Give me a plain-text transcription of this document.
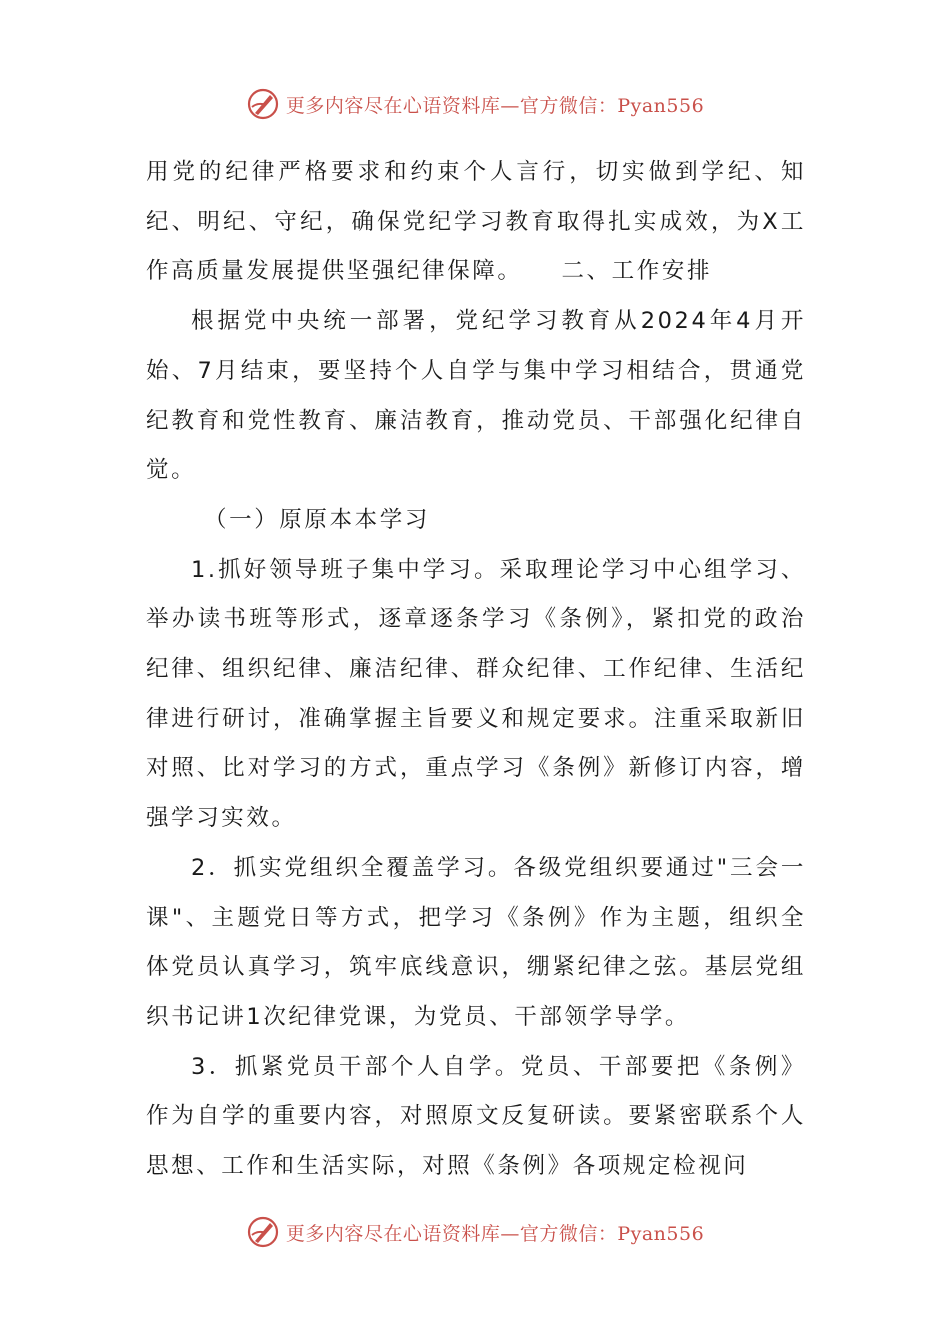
更多内容尽在心语资料库—官方微信：Pyan556

用党的纪律严格要求和约束个人言行，切实做到学纪、知纪、明纪、守纪，确保党纪学习教育取得扎实成效，为X工作高质量发展提供坚强纪律保障。　　二、工作安排

根据党中央统一部署，党纪学习教育从2024年4月开始、7月结束，要坚持个人自学与集中学习相结合，贯通党纪教育和党性教育、廉洁教育，推动党员、干部强化纪律自觉。

（一）原原本本学习

1.抓好领导班子集中学习。采取理论学习中心组学习、举办读书班等形式，逐章逐条学习《条例》，紧扣党的政治纪律、组织纪律、廉洁纪律、群众纪律、工作纪律、生活纪律进行研讨，准确掌握主旨要义和规定要求。注重采取新旧对照、比对学习的方式，重点学习《条例》新修订内容，增强学习实效。

2．抓实党组织全覆盖学习。各级党组织要通过"三会一课"、主题党日等方式，把学习《条例》作为主题，组织全体党员认真学习，筑牢底线意识，绷紧纪律之弦。基层党组织书记讲1次纪律党课，为党员、干部领学导学。

3．抓紧党员干部个人自学。党员、干部要把《条例》作为自学的重要内容，对照原文反复研读。要紧密联系个人思想、工作和生活实际，对照《条例》各项规定检视问

更多内容尽在心语资料库—官方微信：Pyan556
